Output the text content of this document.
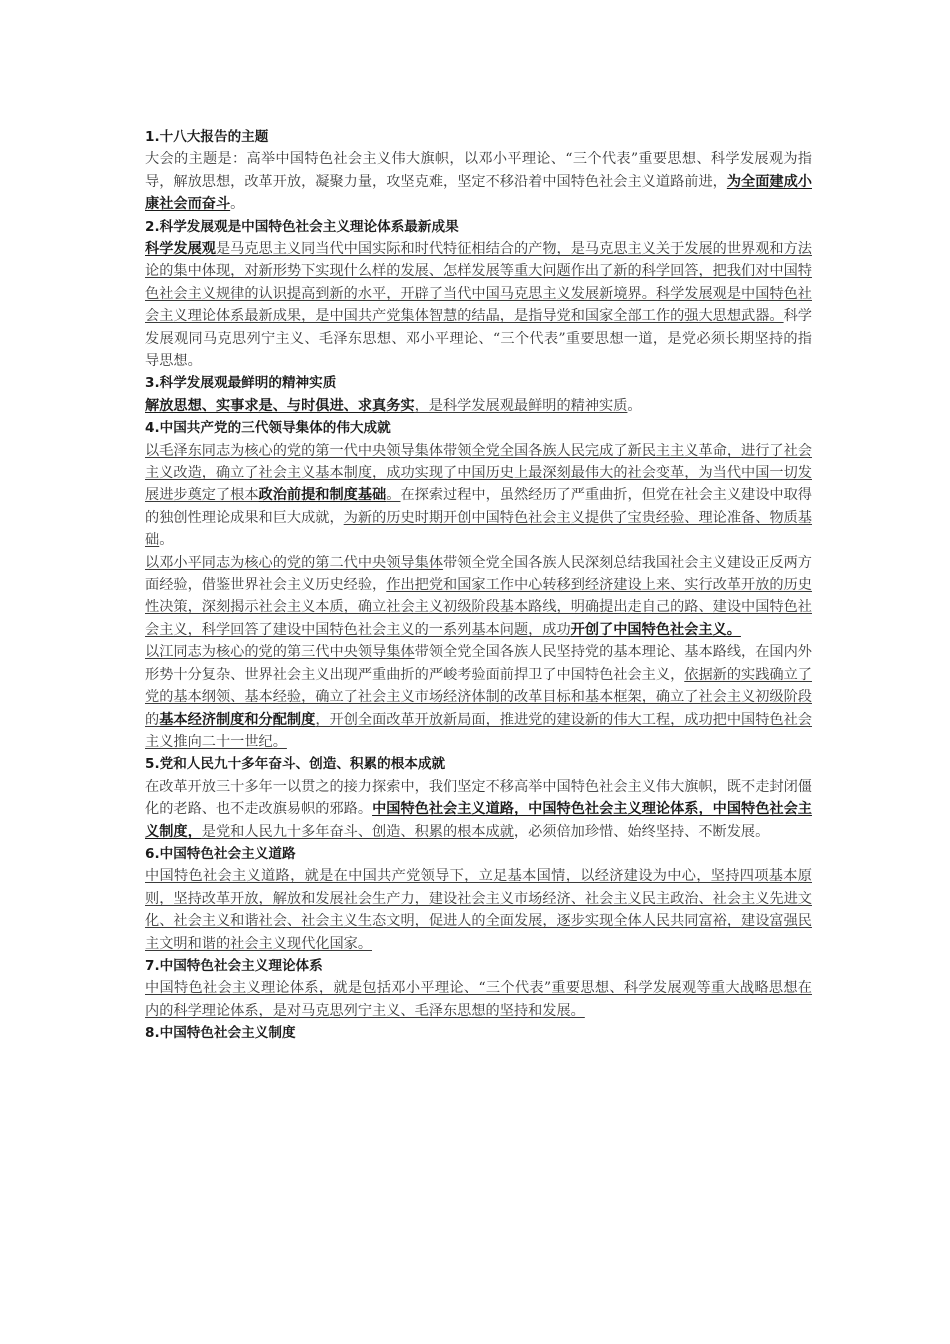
1.十八大报告的主题

大会的主题是：高举中国特色社会主义伟大旗帜，以邓小平理论、“三个代表”重要思想、科学发展观为指导，解放思想，改革开放，凝聚力量，攻坚克难，坚定不移沿着中国特色社会主义道路前进，为全面建成小康社会而奋斗。

2.科学发展观是中国特色社会主义理论体系最新成果

科学发展观是马克思主义同当代中国实际和时代特征相结合的产物，是马克思主义关于发展的世界观和方法论的集中体现，对新形势下实现什么样的发展、怎样发展等重大问题作出了新的科学回答，把我们对中国特色社会主义规律的认识提高到新的水平，开辟了当代中国马克思主义发展新境界。科学发展观是中国特色社会主义理论体系最新成果，是中国共产党集体智慧的结晶，是指导党和国家全部工作的强大思想武器。科学发展观同马克思列宁主义、毛泽东思想、邓小平理论、“三个代表”重要思想一道，是党必须长期坚持的指导思想。

3.科学发展观最鲜明的精神实质

解放思想、实事求是、与时俱进、求真务实，是科学发展观最鲜明的精神实质。

4.中国共产党的三代领导集体的伟大成就

以毛泽东同志为核心的党的第一代中央领导集体带领全党全国各族人民完成了新民主主义革命，进行了社会主义改造，确立了社会主义基本制度，成功实现了中国历史上最深刻最伟大的社会变革，为当代中国一切发展进步奠定了根本政治前提和制度基础。在探索过程中，虽然经历了严重曲折，但党在社会主义建设中取得的独创性理论成果和巨大成就，为新的历史时期开创中国特色社会主义提供了宝贵经验、理论准备、物质基础。

以邓小平同志为核心的党的第二代中央领导集体带领全党全国各族人民深刻总结我国社会主义建设正反两方面经验，借鉴世界社会主义历史经验，作出把党和国家工作中心转移到经济建设上来、实行改革开放的历史性决策，深刻揭示社会主义本质，确立社会主义初级阶段基本路线，明确提出走自己的路、建设中国特色社会主义，科学回答了建设中国特色社会主义的一系列基本问题，成功开创了中国特色社会主义。

以江同志为核心的党的第三代中央领导集体带领全党全国各族人民坚持党的基本理论、基本路线，在国内外形势十分复杂、世界社会主义出现严重曲折的严峻考验面前捍卫了中国特色社会主义，依据新的实践确立了党的基本纲领、基本经验，确立了社会主义市场经济体制的改革目标和基本框架，确立了社会主义初级阶段的基本经济制度和分配制度，开创全面改革开放新局面，推进党的建设新的伟大工程，成功把中国特色社会主义推向二十一世纪。

5.党和人民九十多年奋斗、创造、积累的根本成就

在改革开放三十多年一以贯之的接力探索中，我们坚定不移高举中国特色社会主义伟大旗帜，既不走封闭僵化的老路、也不走改旗易帜的邪路。中国特色社会主义道路，中国特色社会主义理论体系，中国特色社会主义制度，是党和人民九十多年奋斗、创造、积累的根本成就，必须倍加珍惜、始终坚持、不断发展。

6.中国特色社会主义道路

中国特色社会主义道路，就是在中国共产党领导下，立足基本国情，以经济建设为中心，坚持四项基本原则，坚持改革开放，解放和发展社会生产力，建设社会主义市场经济、社会主义民主政治、社会主义先进文化、社会主义和谐社会、社会主义生态文明，促进人的全面发展，逐步实现全体人民共同富裕，建设富强民主文明和谐的社会主义现代化国家。

7.中国特色社会主义理论体系

中国特色社会主义理论体系，就是包括邓小平理论、“三个代表”重要思想、科学发展观等重大战略思想在内的科学理论体系，是对马克思列宁主义、毛泽东思想的坚持和发展。

8.中国特色社会主义制度
